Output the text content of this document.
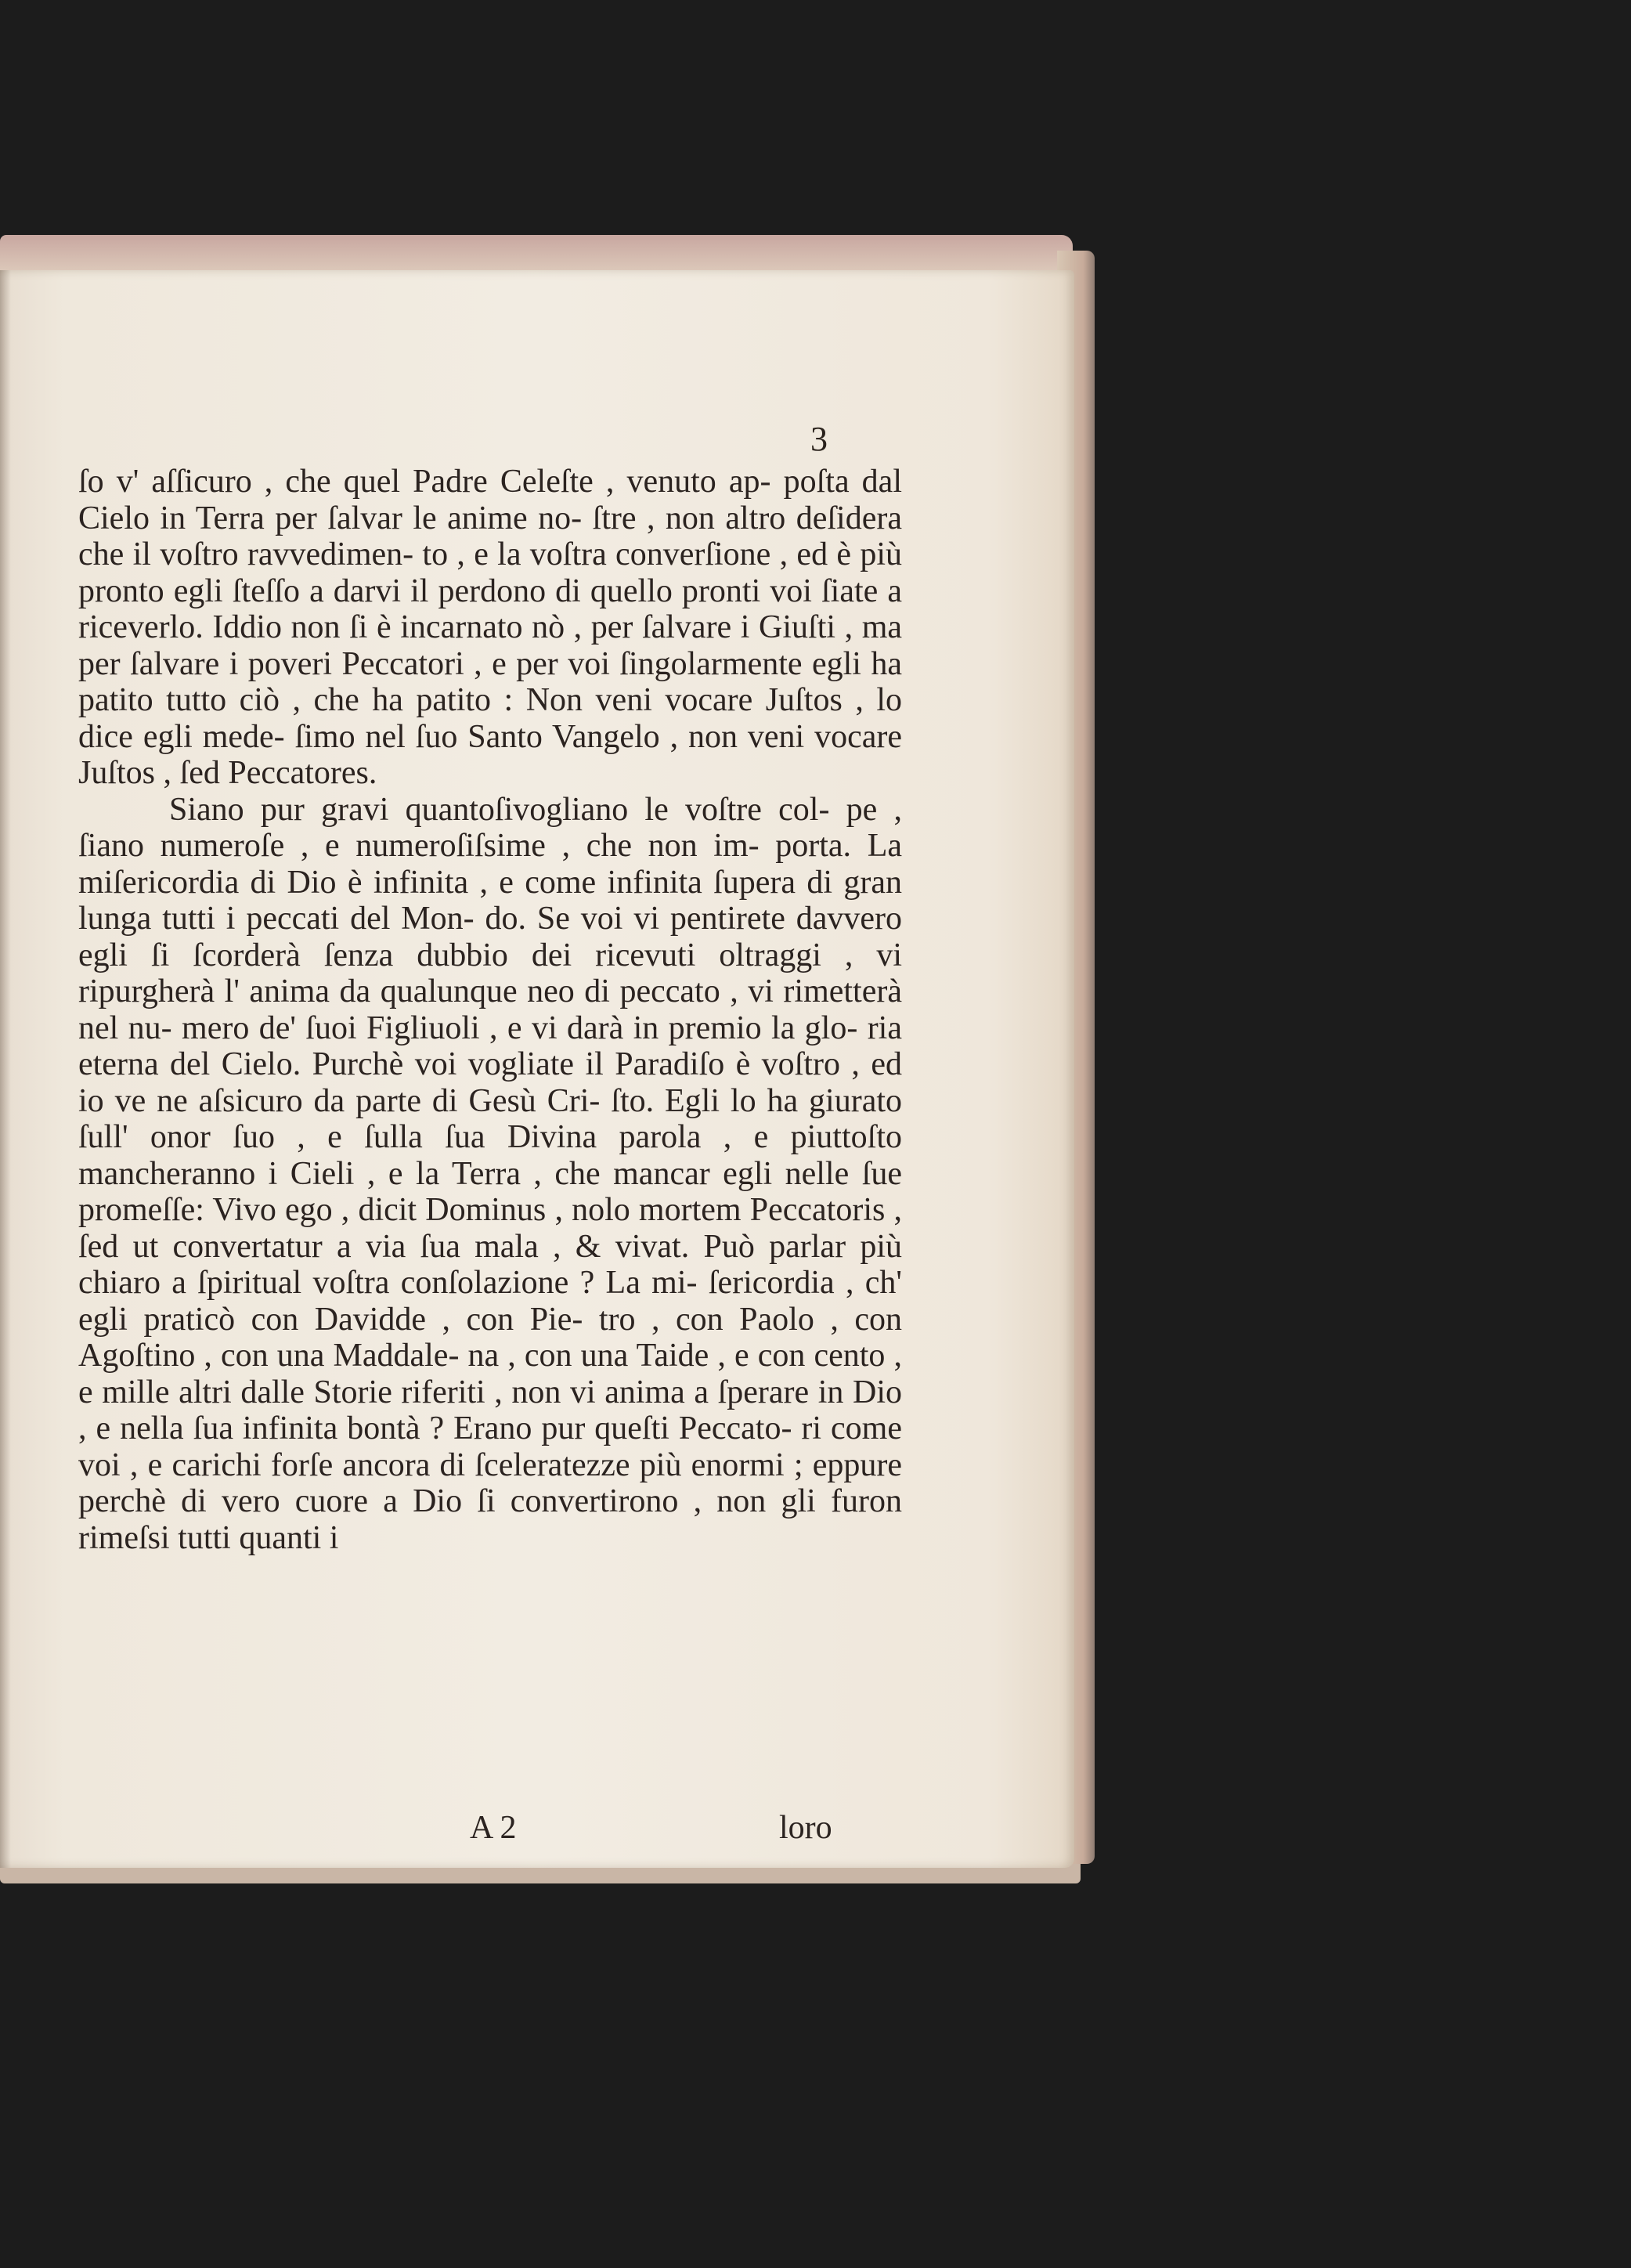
3

ſo v' aſſicuro , che quel Padre Celeſte , venuto ap- poſta dal Cielo in Terra per ſalvar le anime no- ſtre , non altro deſidera che il voſtro ravvedimen- to , e la voſtra converſione , ed è più pronto egli ſteſſo a darvi il perdono di quello pronti voi ſiate a riceverlo. Iddio non ſi è incarnato nò , per ſalvare i Giuſti , ma per ſalvare i poveri Peccatori , e per voi ſingolarmente egli ha patito tutto ciò , che ha patito : Non veni vocare Juſtos , lo dice egli mede- ſimo nel ſuo Santo Vangelo , non veni vocare Juſtos , ſed Peccatores.

Siano pur gravi quantoſivogliano le voſtre col- pe , ſiano numeroſe , e numeroſiſsime , che non im- porta. La miſericordia di Dio è infinita , e come infinita ſupera di gran lunga tutti i peccati del Mon- do. Se voi vi pentirete davvero egli ſi ſcorderà ſenza dubbio dei ricevuti oltraggi , vi ripurgherà l' anima da qualunque neo di peccato , vi rimetterà nel nu- mero de' ſuoi Figliuoli , e vi darà in premio la glo- ria eterna del Cielo. Purchè voi vogliate il Paradiſo è voſtro , ed io ve ne aſsicuro da parte di Gesù Cri- ſto. Egli lo ha giurato ſull' onor ſuo , e ſulla ſua Divina parola , e piuttoſto mancheranno i Cieli , e la Terra , che mancar egli nelle ſue promeſſe: Vivo ego , dicit Dominus , nolo mortem Peccatoris , ſed ut convertatur a via ſua mala , & vivat. Può parlar più chiaro a ſpiritual voſtra conſolazione ? La mi- ſericordia , ch' egli praticò con Davidde , con Pie- tro , con Paolo , con Agoſtino , con una Maddale- na , con una Taide , e con cento , e mille altri dalle Storie riferiti , non vi anima a ſperare in Dio , e nella ſua infinita bontà ? Erano pur queſti Peccato- ri come voi , e carichi forſe ancora di ſceleratezze più enormi ; eppure perchè di vero cuore a Dio ſi convertirono , non gli furon rimeſsi tutti quanti i

A 2	loro
